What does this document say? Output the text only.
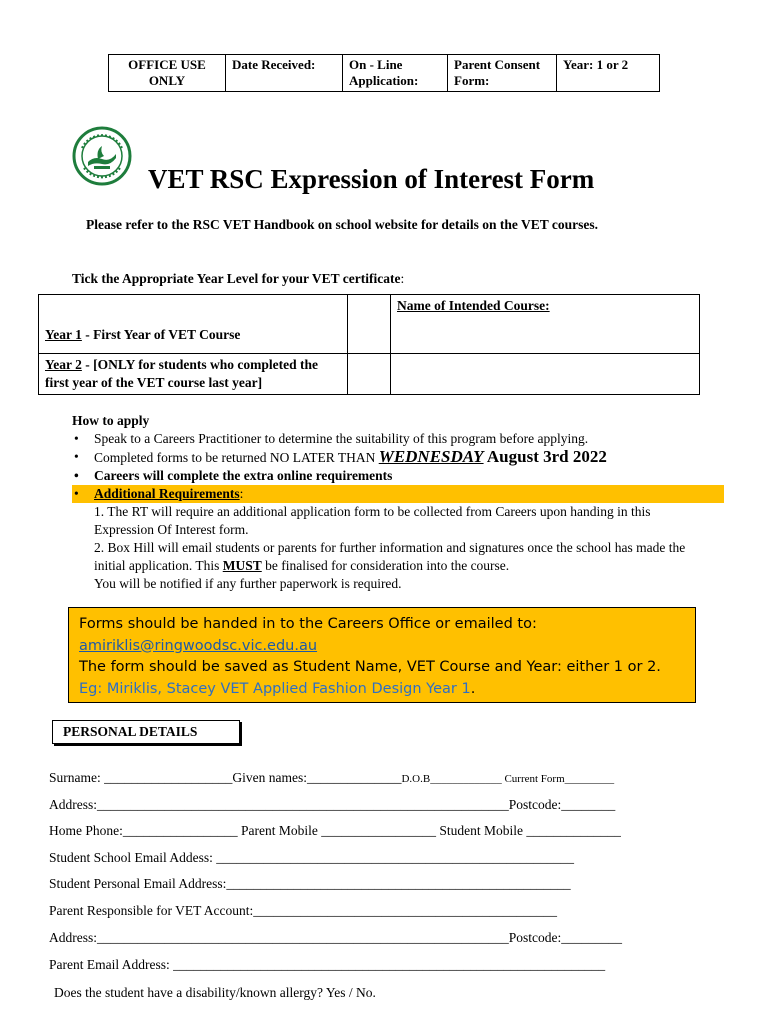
OFFICE USE ONLY	Date Received:	On - Line Application:	Parent Consent Form:	Year: 1 or 2
VET RSC Expression of Interest Form
Please refer to the RSC VET Handbook on school website for details on the VET courses.
Tick the Appropriate Year Level for your VET certificate:
Year 1 - First Year of VET Course		Name of Intended Course:
Year 2 - [ONLY for students who completed the first year of the VET course last year]		
How to apply
• Speak to a Careers Practitioner to determine the suitability of this program before applying.
• Completed forms to be returned NO LATER THAN WEDNESDAY August 3rd 2022
• Careers will complete the extra online requirements
• Additional Requirements:
1. The RT will require an additional application form to be collected from Careers upon handing in this Expression Of Interest form.
2. Box Hill will email students or parents for further information and signatures once the school has made the initial application. This MUST be finalised for consideration into the course.
You will be notified if any further paperwork is required.
Forms should be handed in to the Careers Office or emailed to:
amiriklis@ringwoodsc.vic.edu.au
The form should be saved as Student Name, VET Course and Year: either 1 or 2.
Eg: Miriklis, Stacey VET Applied Fashion Design Year 1.
PERSONAL DETAILS
Surname: ___________________Given names:______________D.O.B_____________ Current Form_________
Address:_____________________________________________________________Postcode:________
Home Phone:_________________ Parent Mobile _________________ Student Mobile ______________
Student School Email Addess: _____________________________________________________
Student Personal Email Address:___________________________________________________
Parent Responsible for VET Account:_____________________________________________
Address:_____________________________________________________________Postcode:_________
Parent Email Address: ________________________________________________________________
Does the student have a disability/known allergy? Yes / No.
